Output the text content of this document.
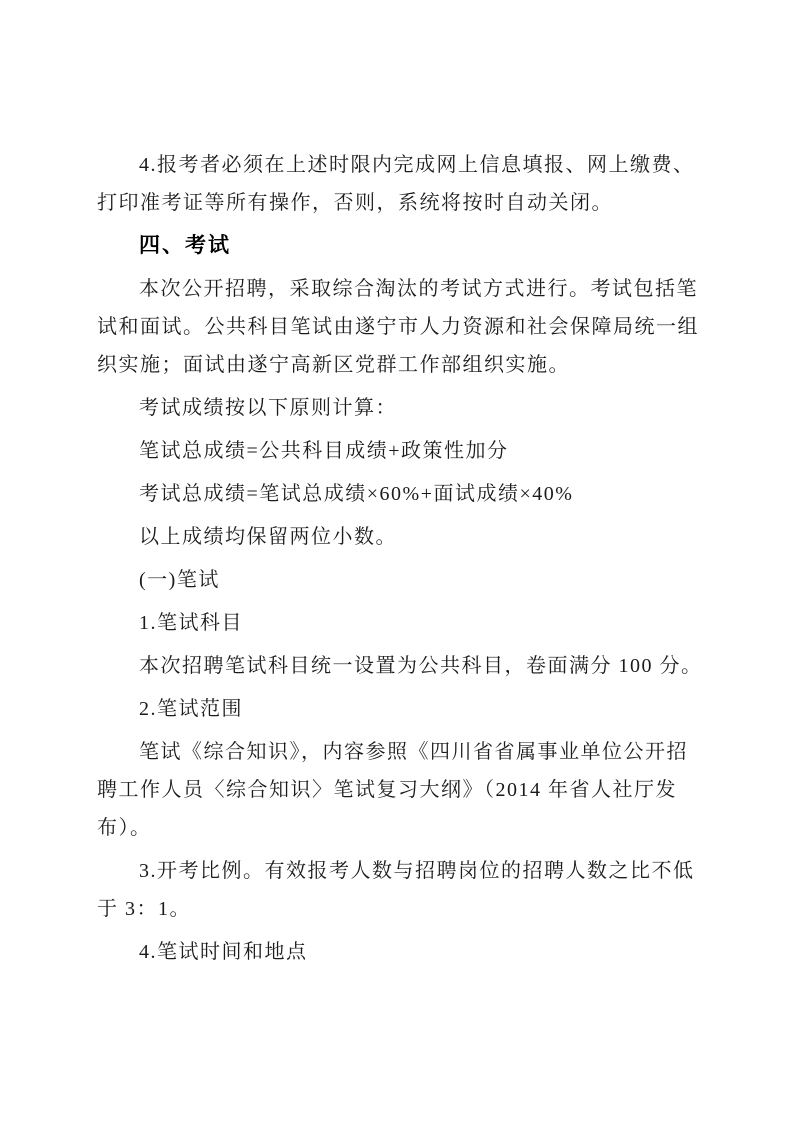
4.报考者必须在上述时限内完成网上信息填报、网上缴费、
打印准考证等所有操作，否则，系统将按时自动关闭。
四、考试
本次公开招聘，采取综合淘汰的考试方式进行。考试包括笔
试和面试。公共科目笔试由遂宁市人力资源和社会保障局统一组
织实施；面试由遂宁高新区党群工作部组织实施。
考试成绩按以下原则计算：
笔试总成绩=公共科目成绩+政策性加分
考试总成绩=笔试总成绩×60%+面试成绩×40%
以上成绩均保留两位小数。
(一)笔试
1.笔试科目
本次招聘笔试科目统一设置为公共科目，卷面满分 100 分。
2.笔试范围
笔试《综合知识》，内容参照《四川省省属事业单位公开招
聘工作人员〈综合知识〉笔试复习大纲》（2014 年省人社厅发
布）。
3.开考比例。有效报考人数与招聘岗位的招聘人数之比不低
于 3：1。
4.笔试时间和地点
